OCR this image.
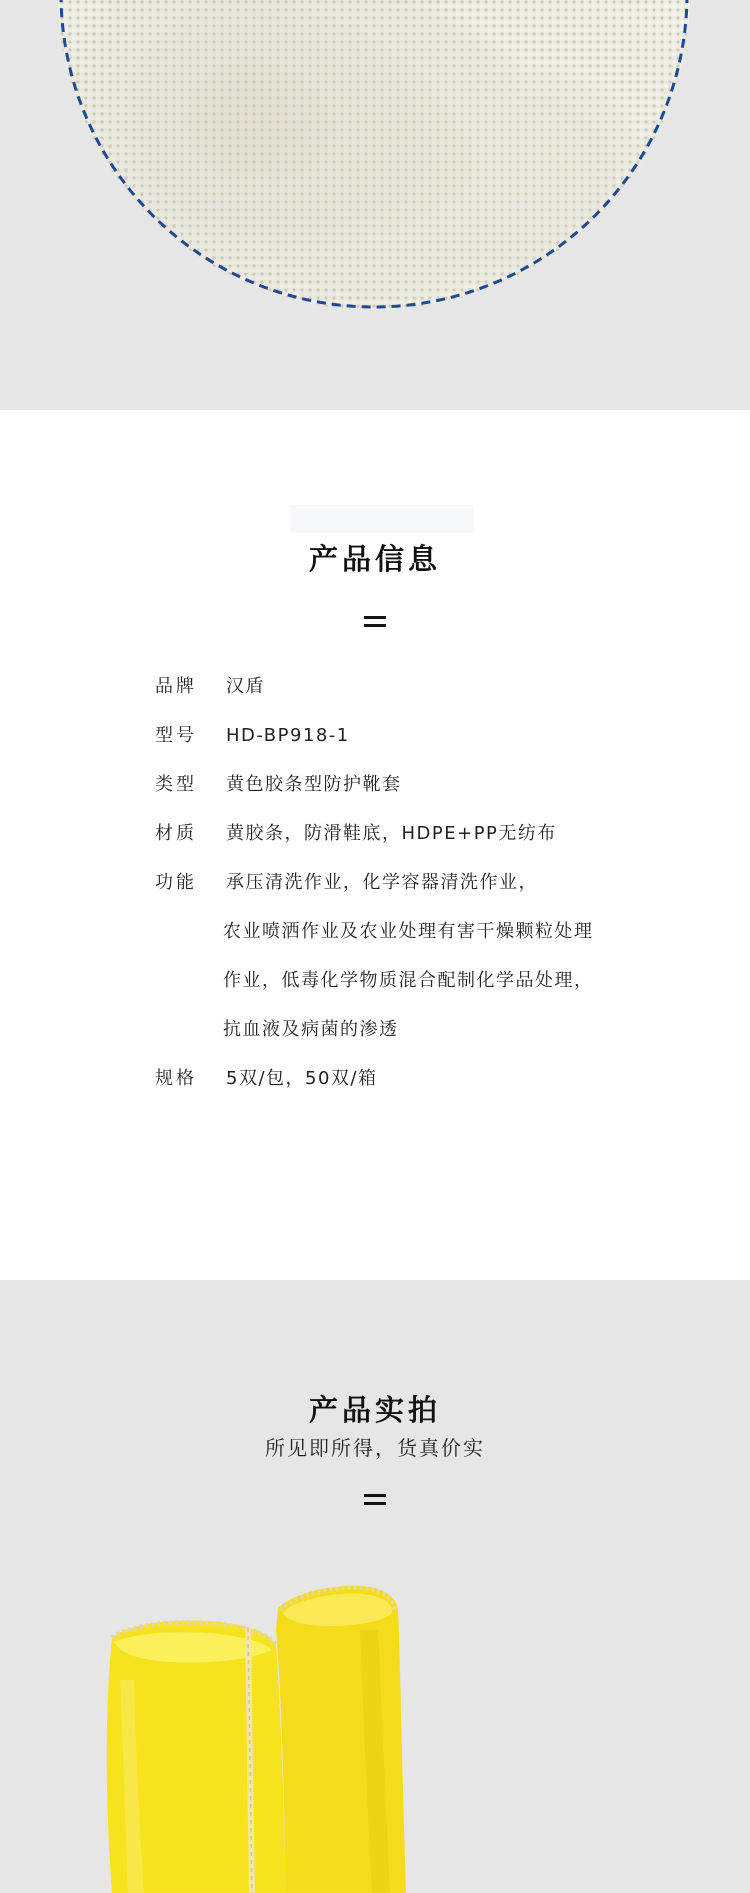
产品信息
品牌	汉盾
型号	HD-BP918-1
类型	黄色胶条型防护靴套
材质	黄胶条，防滑鞋底，HDPE+PP无纺布
功能	承压清洗作业，化学容器清洗作业，
农业喷洒作业及农业处理有害干燥颗粒处理
作业，低毒化学物质混合配制化学品处理，
抗血液及病菌的渗透
规格	5双/包，50双/箱
产品实拍
所见即所得，货真价实
